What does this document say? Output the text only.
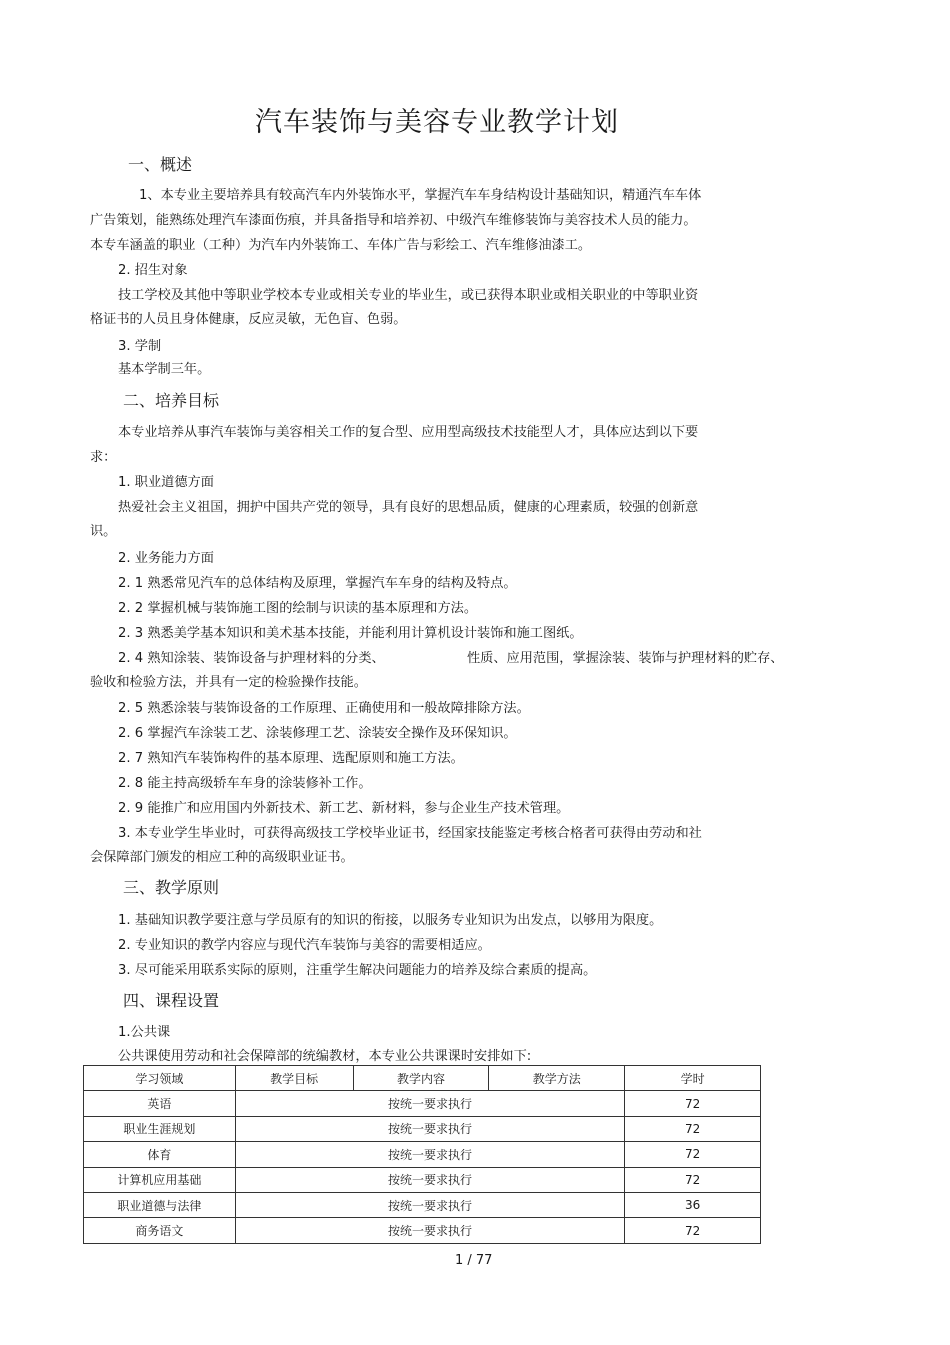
汽车装饰与美容专业教学计划
一、概述
1、本专业主要培养具有较高汽车内外装饰水平，掌握汽车车身结构设计基础知识，精通汽车车体
广告策划，能熟练处理汽车漆面伤痕，并具备指导和培养初、中级汽车维修装饰与美容技术人员的能力。
本专车涵盖的职业（工种）为汽车内外装饰工、车体广告与彩绘工、汽车维修油漆工。
2. 招生对象
技工学校及其他中等职业学校本专业或相关专业的毕业生，或已获得本职业或相关职业的中等职业资
格证书的人员且身体健康，反应灵敏，无色盲、色弱。
3. 学制
基本学制三年。
二、培养目标
本专业培养从事汽车装饰与美容相关工作的复合型、应用型高级技术技能型人才，具体应达到以下要
求：
1. 职业道德方面
热爱社会主义祖国，拥护中国共产党的领导，具有良好的思想品质，健康的心理素质，较强的创新意
识。
2. 业务能力方面
2. 1 熟悉常见汽车的总体结构及原理，掌握汽车车身的结构及特点。
2. 2 掌握机械与装饰施工图的绘制与识读的基本原理和方法。
2. 3 熟悉美学基本知识和美术基本技能，并能利用计算机设计装饰和施工图纸。
2. 4 熟知涂装、装饰设备与护理材料的分类、	性质、应用范围，掌握涂装、装饰与护理材料的贮存、
验收和检验方法，并具有一定的检验操作技能。
2. 5 熟悉涂装与装饰设备的工作原理、正确使用和一般故障排除方法。
2. 6 掌握汽车涂装工艺、涂装修理工艺、涂装安全操作及环保知识。
2. 7 熟知汽车装饰构件的基本原理、选配原则和施工方法。
2. 8 能主持高级轿车车身的涂装修补工作。
2. 9 能推广和应用国内外新技术、新工艺、新材料，参与企业生产技术管理。
3. 本专业学生毕业时，可获得高级技工学校毕业证书，经国家技能鉴定考核合格者可获得由劳动和社
会保障部门颁发的相应工种的高级职业证书。
三、教学原则
1. 基础知识教学要注意与学员原有的知识的衔接，以服务专业知识为出发点，以够用为限度。
2. 专业知识的教学内容应与现代汽车装饰与美容的需要相适应。
3. 尽可能采用联系实际的原则，注重学生解决问题能力的培养及综合素质的提高。
四、课程设置
1.公共课
公共课使用劳动和社会保障部的统编教材，本专业公共课课时安排如下:
学习领域	教学目标	教学内容	教学方法	学时
英语	按统一要求执行			72
职业生涯规划	按统一要求执行			72
体育	按统一要求执行			72
计算机应用基础	按统一要求执行			72
职业道德与法律	按统一要求执行			36
商务语文	按统一要求执行			72
1 / 77
